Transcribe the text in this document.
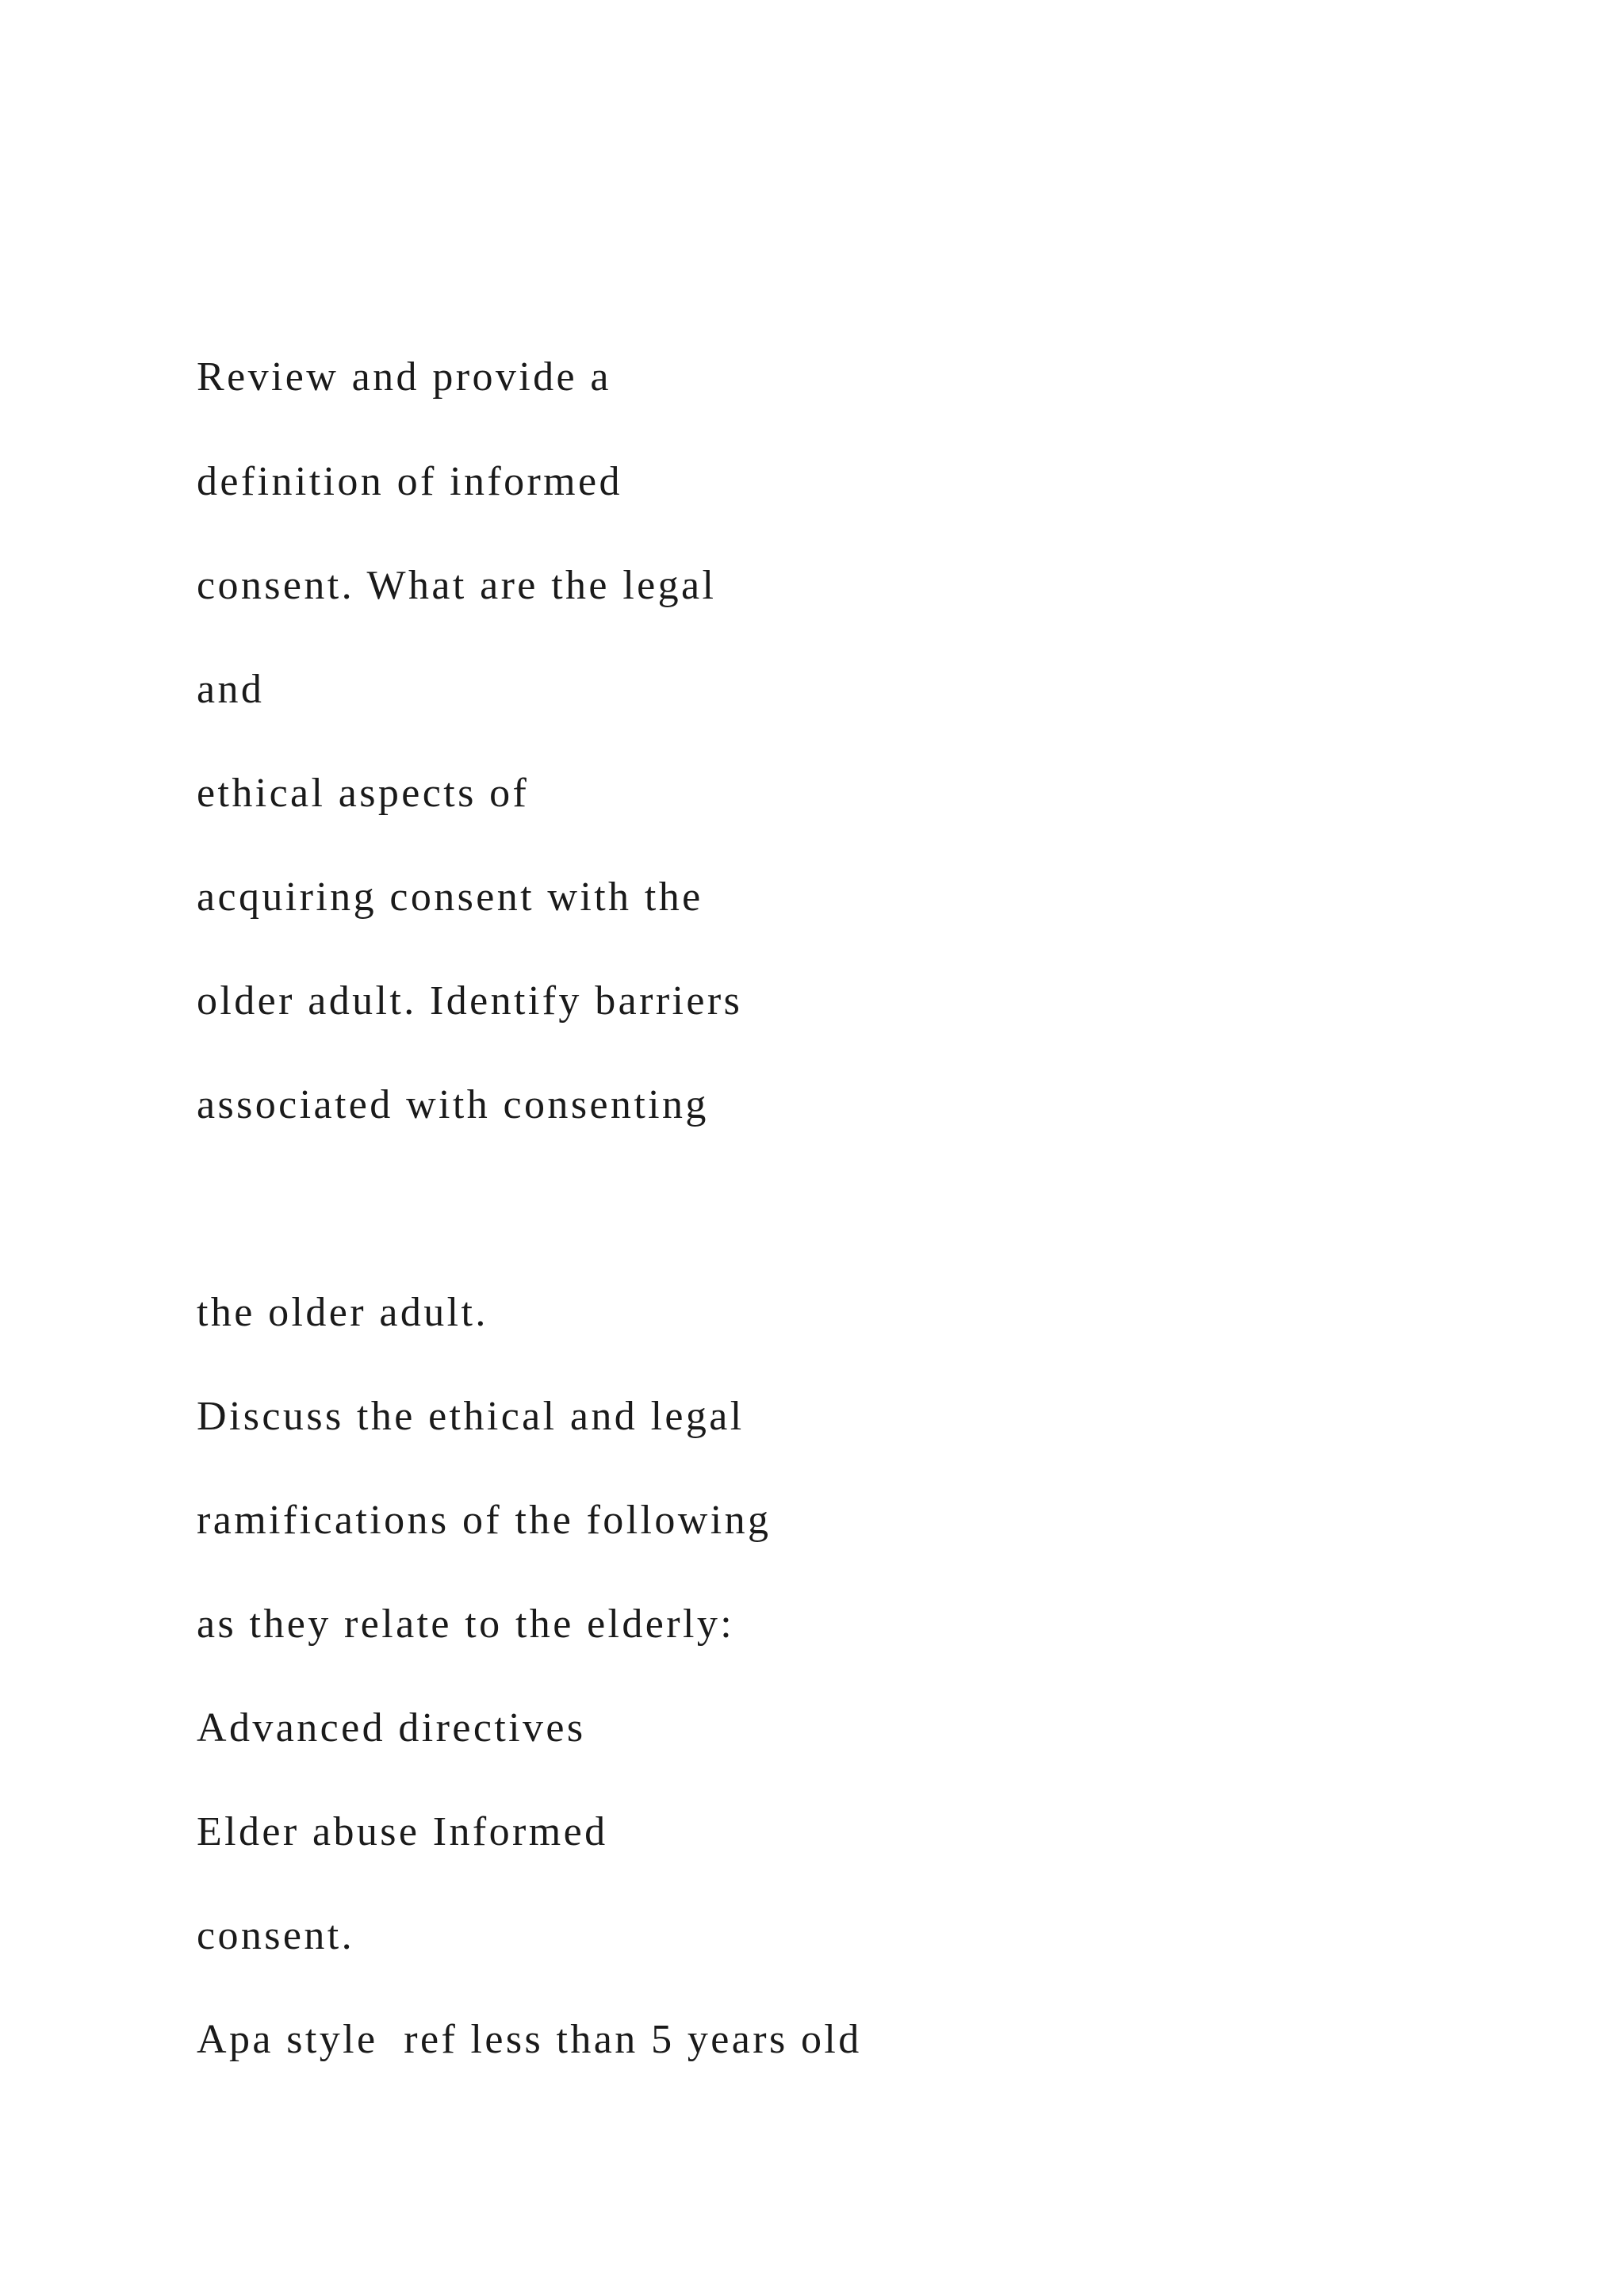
Review and provide a

definition of informed

consent. What are the legal

and

ethical aspects of

acquiring consent with the

older adult. Identify barriers

associated with consenting

the older adult.

Discuss the ethical and legal

ramifications of the following

as they relate to the elderly:

Advanced directives

Elder abuse Informed

consent.

Apa style  ref less than 5 years old
